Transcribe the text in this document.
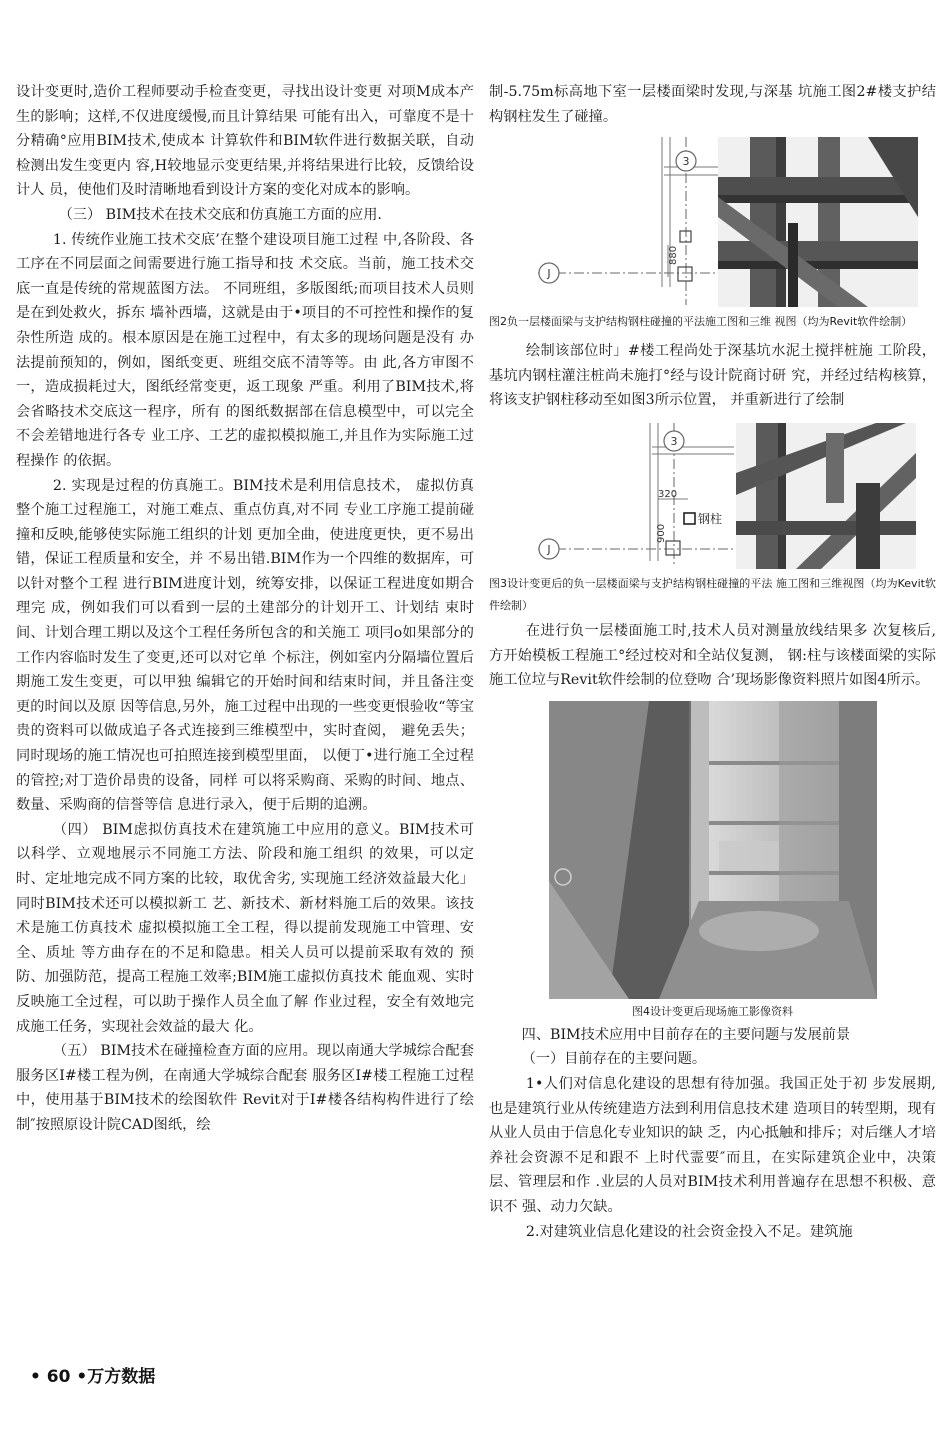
设计变更时,造价工程师要动手检查变更，寻找出设计变更 对项M成本产生的影响；这样,不仅进度缓慢,而且计算结果 可能有出入，可靠度不是十分精确°应用BIM技术,使成本 计算软件和BIM软件进行数据关联，自动检测出发生变更内 容,H较地显示变更结果,并将结果进行比较，反馈给设计人 员，使他们及时清晰地看到设计方案的变化对成本的影响。

（三） BIM技术在技术交底和仿真施工方面的应用.

1. 传统作业施工技术交底’在整个建设项目施工过程 中,各阶段、各工序在不同层面之间需要进行施工指导和技 术交底。当前，施工技术交底一直是传统的常规蓝图方法。 不同班组，多版图纸;而项目技术人员则是在到处救火，拆东 墙补西墙，这就是由于•项目的不可控性和操作的复杂性所造 成的。根本原因是在施工过程中，有太多的现场问题是没有 办法提前预知的，例如，图纸变更、班组交底不清等等。由 此,各方审图不一，造成损耗过大，图纸经常变更，返工现象 严重。利用了BIM技术,将会省略技术交底这一程序，所有 的图纸数据部在信息模型中，可以完全不会差错地进行各专 业工序、工艺的虚拟模拟施工,并且作为实际施工过程操作 的依据。

2. 实现是过程的仿真施工。BIM技术是利用信息技术， 虚拟仿真整个施工过程施工，对施工难点、重点仿真,对不同 专业工序施工提前碰撞和反映,能够使实际施工组织的计划 更加全曲，使进度更快，更不易出错，保证工程质量和安全，并 不易出错.BIM作为一个四维的数据库，可以针对整个工程 进行BIM进度计划，统筹安排，以保证工程进度如期合理完 成，例如我们可以看到一层的土建部分的计划开工、计划结 束时间、计划合理工期以及这个工程任务所包含的和关施工 项冃o如果部分的工作内容临时发生了变更,还可以对它单 个标注，例如室内分隔墙位置后期施工发生变更，可以甲独 编辑它的开始时间和结束时间，并且备注变更的时间以及原 因等信息,另外，施工过程中出现的一些变更恨验收“等宝 贵的资料可以做成追子各式连接到三维模型中，实时査阅， 避免丢失；同时现场的施工情况也可拍照连接到模型里面， 以便丁•进行施工全过程的管控;对丁造价昂贵的设备，同样 可以将采购商、采购的时间、地点、数量、采购商的信誉等信 息进行录入，便于后期的追溯。

（四） BIM虑拟仿真技术在建筑施工中应用的意义。BIM技术可以科学、立观地展示不同施工方法、阶段和施工组织 的效果，可以定时、定址地完成不同方案的比较，取优舍劣, 实现施工经济效益最大化」同时BIM技术还可以模拟新工 艺、新技术、新材料施工后的效果。该技术是施工仿真技术 虚拟模拟施工全工程，得以提前发现施工中管理、安全、质址 等方曲存在的不足和隐患。相关人员可以提前采取有效的 预防、加强防范，提高工程施工效率;BIM施工虚拟仿真技术 能血观、实时反映施工全过程，可以助于操作人员全血了解 作业过程，安全有效地完成施工任务，实现社会效益的最大 化。

（五） BIM技术在碰撞检查方面的应用。现以南通大学城综合配套服务区I#楼工程为例，在南通大学城综合配套 服务区I#楼工程施工过程中，使用基于BIM技术的绘图软件 Revit对于I#楼各结构构件进行了绘制″按照原设计院CAD图纸，绘

制-5.75m标高地下室一层楼面梁时发现,与深基 坑施工图2#楼支护结构钢柱发生了碰撞。

3
J
880

图2负一层楼面梁与支护结构钢柱碰撞的平法施工图和三维 视图（均为Revit软件绘制）

绘制该部位时」#楼工程尚处于深基坑水泥土搅拌桩施 工阶段，基坑内钢柱灌注桩尚未施打°经与设计院商讨研 究，并经过结构核算，将该支护钢柱移动至如图3所示位置， 并重新进行了绘制

3
J
320
900
钢柱

图3设计变更后的负一层楼面梁与支护结构钢柱碰撞的平法 施工图和三维视图（均为Kevit软件绘制）

在进行负一层楼面施工时,技术人员对测量放线结果多 次复核后,方开始模板工程施工°经过校对和全站仪复测， 钢:柱与该楼面梁的实际施工位垃与Revit软件绘制的位登吻 合’现场影像资料照片如图4所示。

图4设计变更后现场施工影像资料

四、BIM技术应用中目前存在的主要问题与发展前景

（一）目前存在的主要问题。

1•人们对信息化建设的思想有待加强。我国正处于初 步发展期,也是建筑行业从传统建造方法到利用信息技术建 造项目的转型期，现有从业人员由于信息化专业知识的缺 乏，内心抵触和排斥；对后继人才培养社会资源不足和跟不 上时代霊要″而且，在实际建筑企业中，决策层、管理层和作 .业层的人员对BIM技术利用普遍存在思想不积极、意识不 强、动力欠缺。

2.对建筑业信息化建设的社会资金投入不足。建筑施

• 60 •万方数据
